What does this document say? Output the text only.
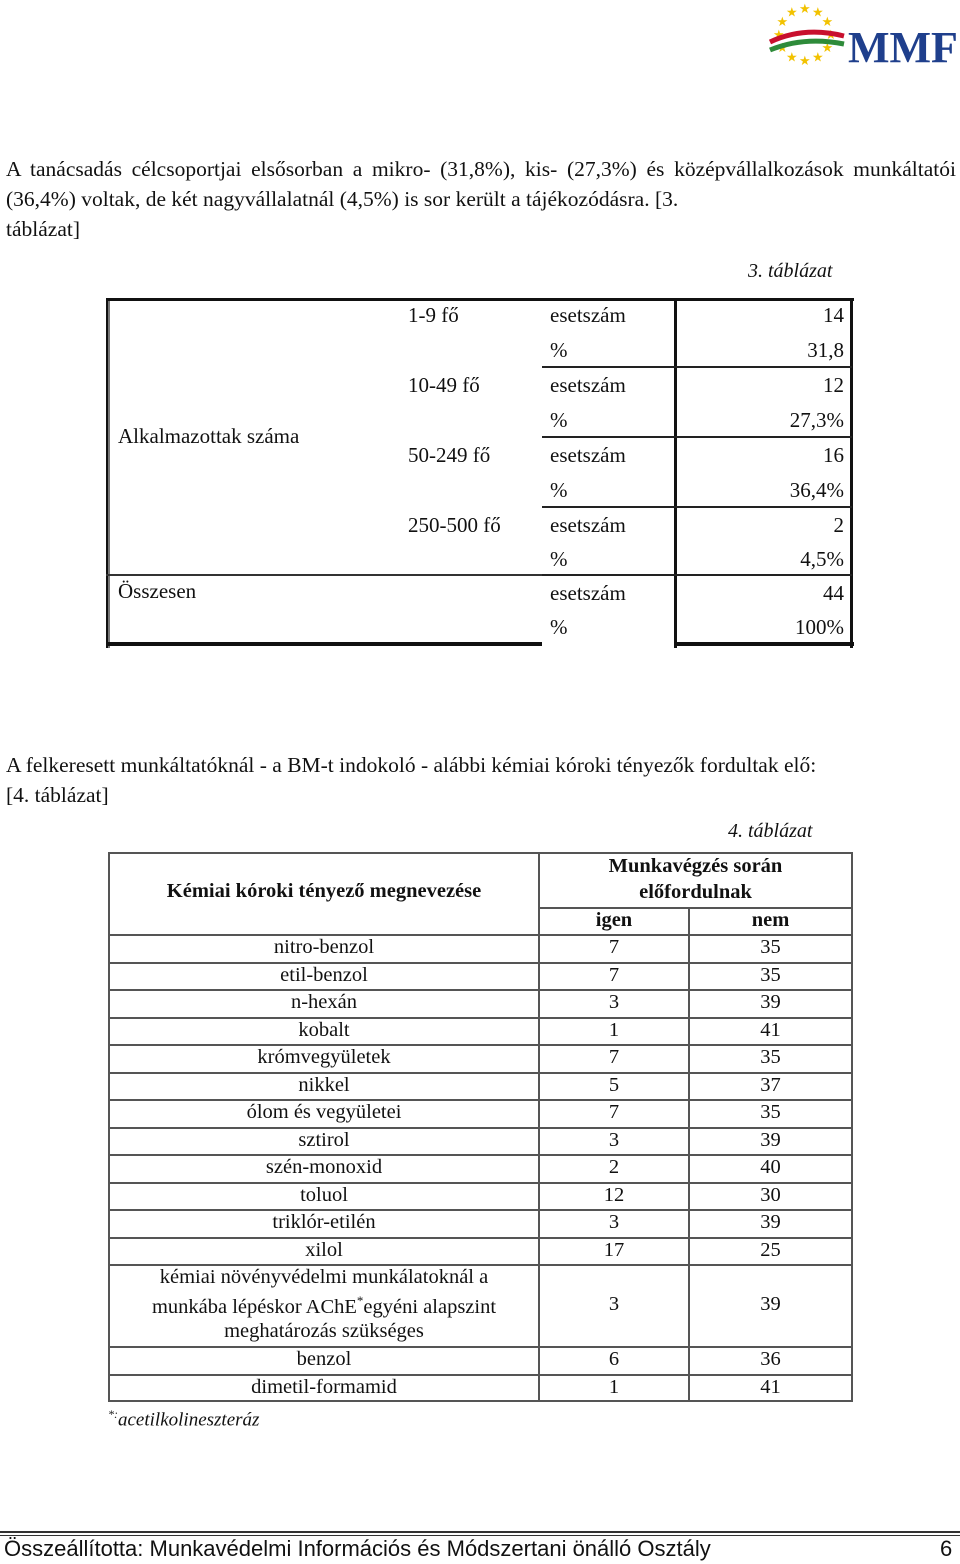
★
★
★
★
★
★
★
★
★ ★ ★
★
MMF
A tanácsadás célcsoportjai elsősorban a mikro- (31,8%), kis- (27,3%) és középvállalkozások munkáltatói (36,4%) voltak, de két nagyvállalatnál (4,5%) is sor került a tájékozódásra. [3.
táblázat]
3. táblázat
Alkalmazottak száma
Összesen
1-9 fő	esetszám	14
%	31,8
10-49 fő	esetszám	12
%	27,3%
50-249 fő	esetszám	16
%	36,4%
250-500 fő esetszám	2
%	4,5%
esetszám	44
%	100%
A felkeresett munkáltatóknál - a BM-t indokoló - alábbi kémiai kóroki tényezők fordultak elő:
[4. táblázat]
4. táblázat
Kémiai kóroki tényező megnevezése
Munkavégzés során
előfordulnak
igen	nem
nitro-benzol	7	35
etil-benzol	7	35
n-hexán	3	39
kobalt	1	41
krómvegyületek	7	35
nikkel	5	37
ólom és vegyületei	7	35
sztirol	3	39
szén-monoxid	2	40
toluol	12	30
triklór-etilén	3	39
xilol	17	25
kémiai növényvédelmi munkálatoknál a
munkába lépéskor AChE*egyéni alapszint
meghatározás szükséges
3	39
benzol	6	36
dimetil-formamid	1	41
*:acetilkolineszteráz
Összeállította: Munkavédelmi Információs és Módszertani önálló Osztály	6
